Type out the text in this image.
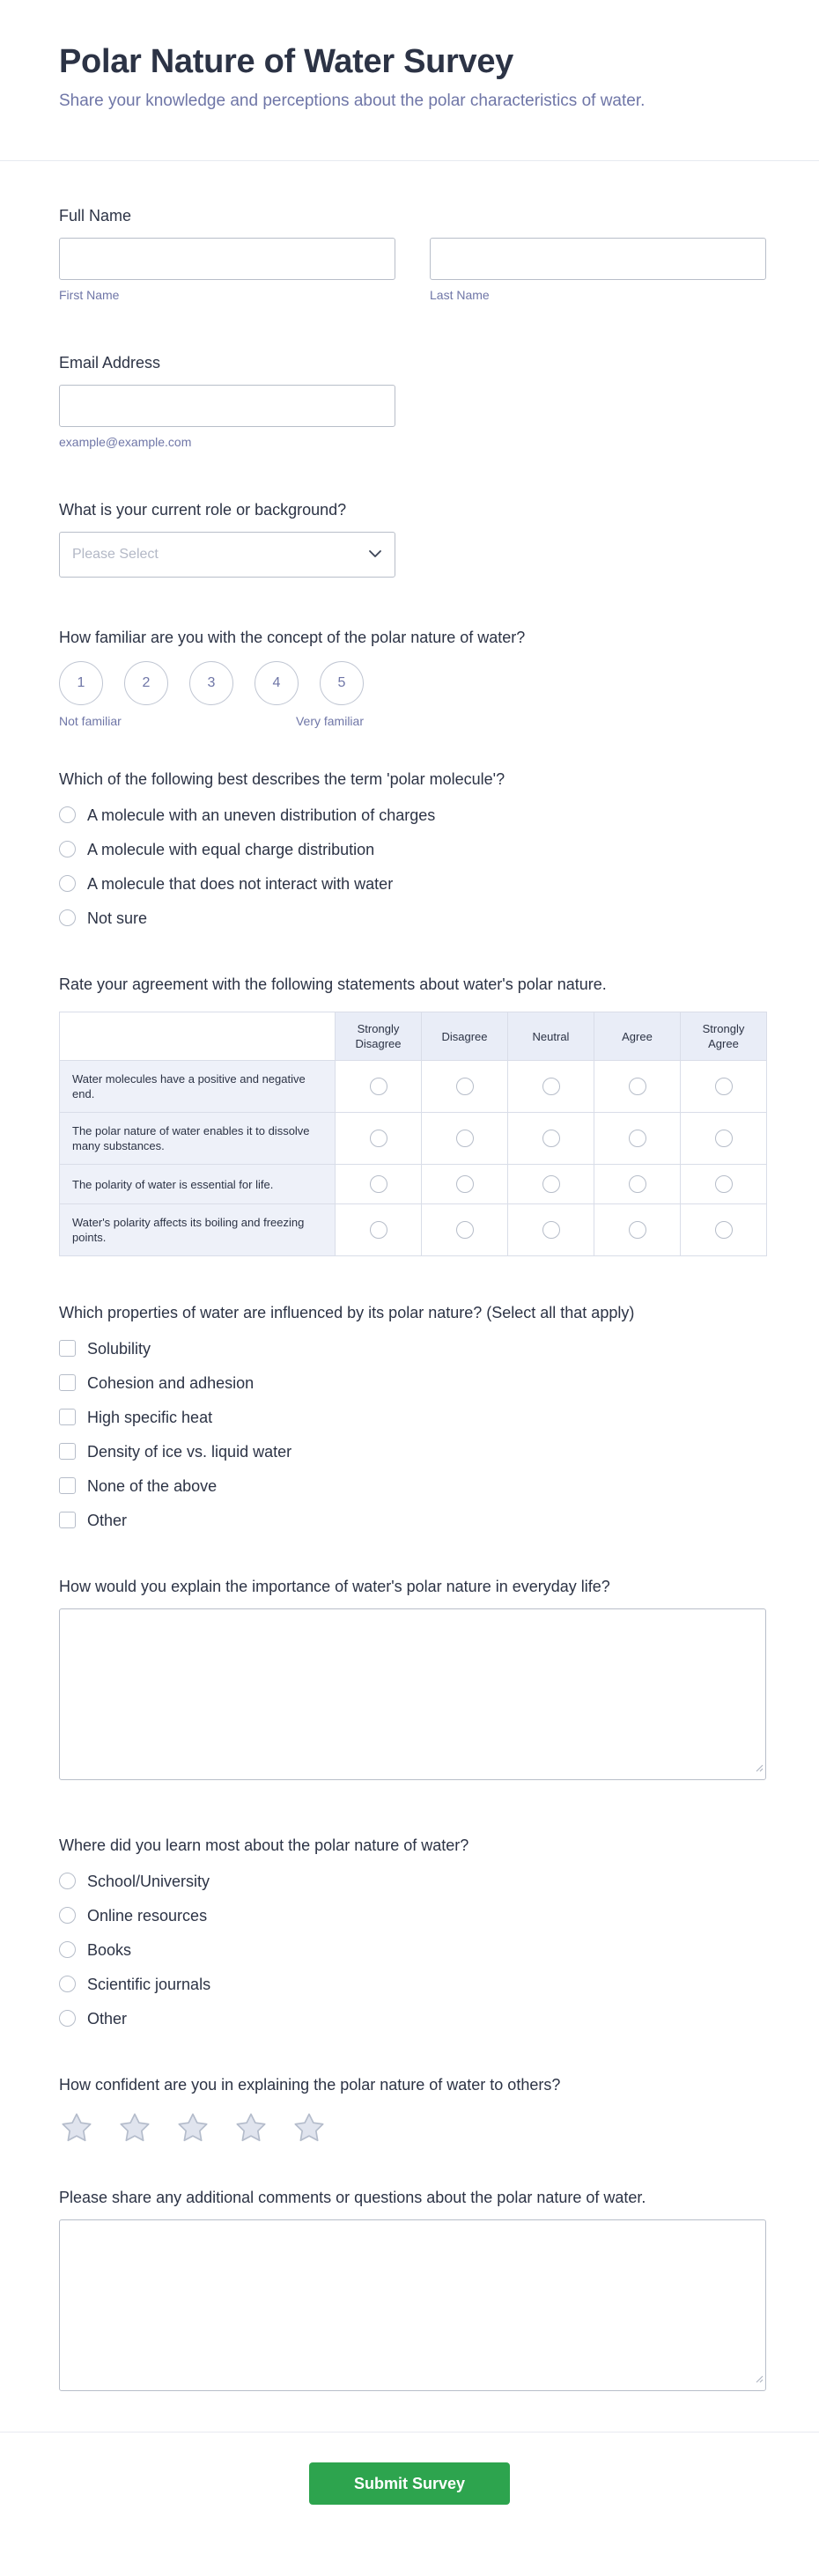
Polar Nature of Water Survey
Share your knowledge and perceptions about the polar characteristics of water.
Full Name
First Name	Last Name
Email Address
example@example.com
What is your current role or background?
Please Select
How familiar are you with the concept of the polar nature of water?
1	2	3	4	5
Not familiar	Very familiar
Which of the following best describes the term 'polar molecule'?
A molecule with an uneven distribution of charges
A molecule with equal charge distribution
A molecule that does not interact with water
Not sure
Rate your agreement with the following statements about water's polar nature.
	Strongly Disagree	Disagree	Neutral	Agree	Strongly Agree
Water molecules have a positive and negative end.					
The polar nature of water enables it to dissolve many substances.					
The polarity of water is essential for life.					
Water's polarity affects its boiling and freezing points.					
Which properties of water are influenced by its polar nature? (Select all that apply)
Solubility
Cohesion and adhesion
High specific heat
Density of ice vs. liquid water
None of the above
Other
How would you explain the importance of water's polar nature in everyday life?
Where did you learn most about the polar nature of water?
School/University
Online resources
Books
Scientific journals
Other
How confident are you in explaining the polar nature of water to others?
Please share any additional comments or questions about the polar nature of water.
Submit Survey
